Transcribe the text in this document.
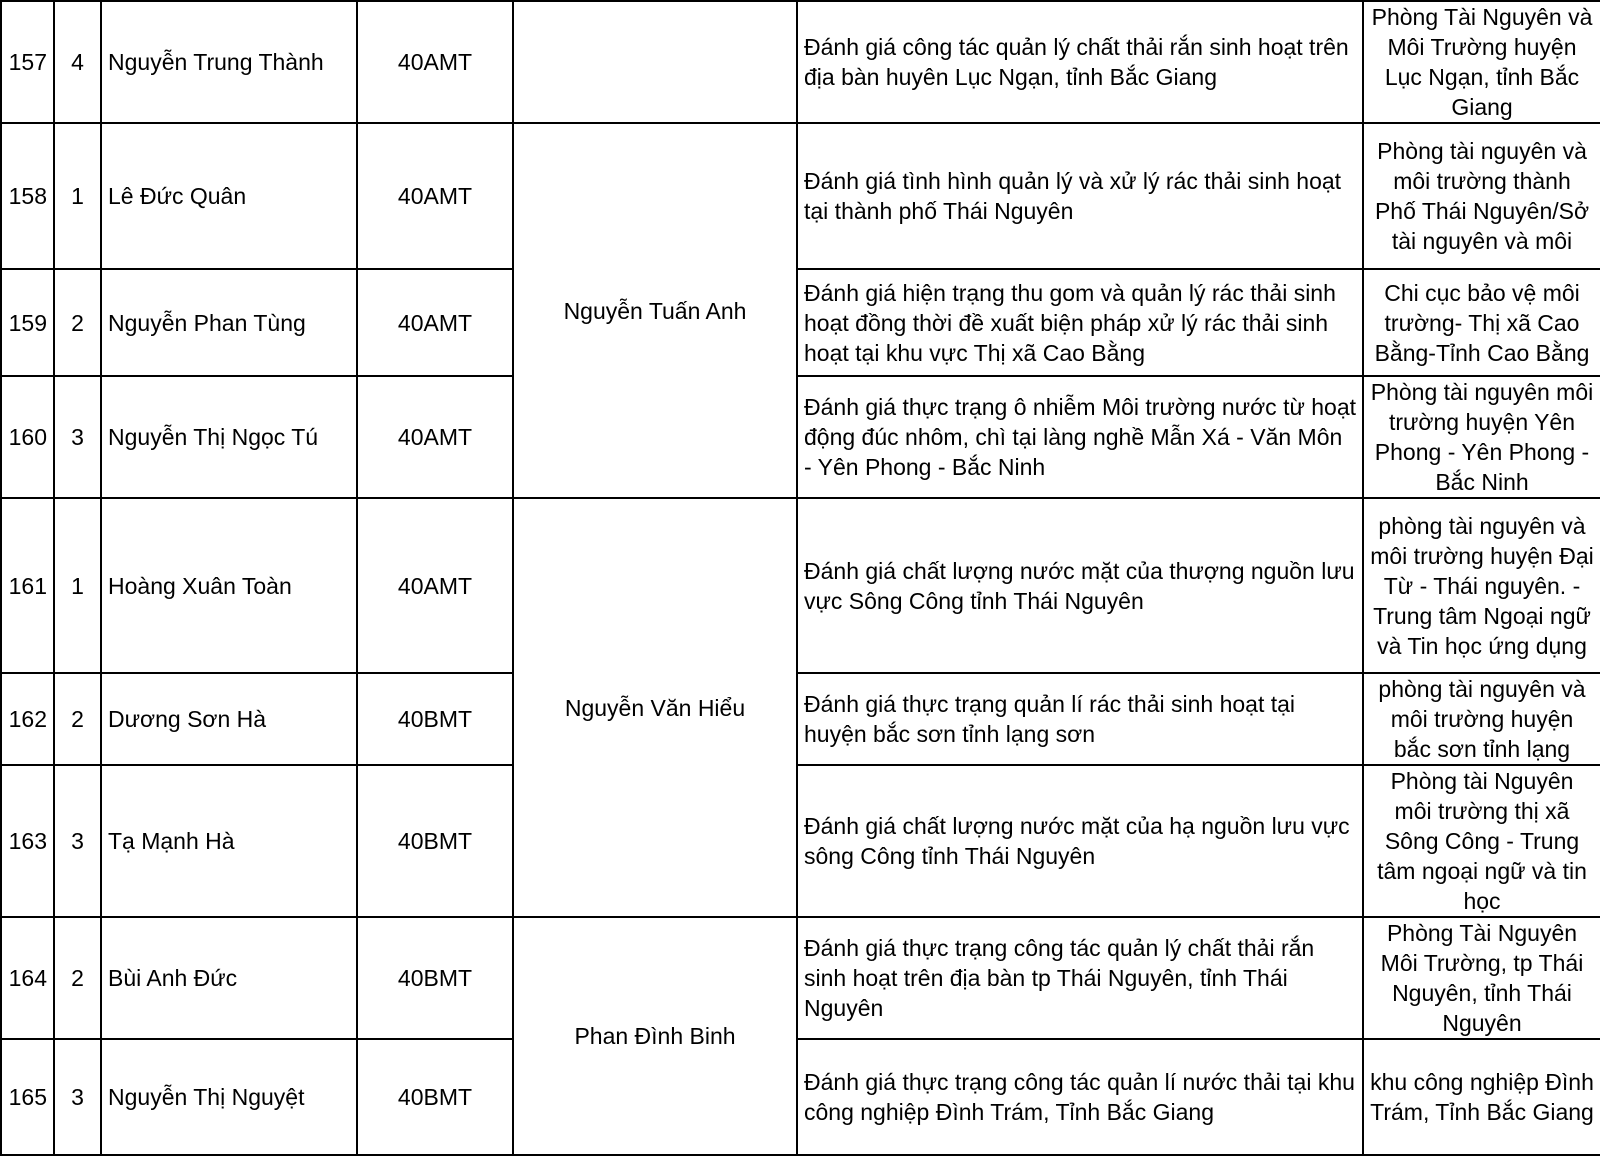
157	4	Nguyễn Trung Thành	40AMT		Đánh giá công tác quản lý chất thải rắn sinh hoạt trên địa bàn huyên Lục Ngạn, tỉnh Bắc Giang	Phòng Tài Nguyên và Môi Trường huyện Lục Ngạn, tỉnh Bắc Giang
158	1	Lê Đức Quân	40AMT	Nguyễn Tuấn Anh	Đánh giá tình hình quản lý và xử lý rác thải sinh hoạt tại thành phố Thái Nguyên	Phòng tài nguyên và môi trường thành Phố Thái Nguyên/Sở tài nguyên và môi
159	2	Nguyễn Phan Tùng	40AMT		Đánh giá hiện trạng thu gom và quản lý rác thải sinh hoạt đồng thời đề xuất biện pháp xử lý rác thải sinh hoạt tại khu vực Thị xã Cao Bằng	Chi cục bảo vệ môi trường- Thị xã Cao Bằng-Tỉnh Cao Bằng
160	3	Nguyễn Thị Ngọc Tú	40AMT		Đánh giá thực trạng ô nhiễm Môi trường nước từ hoạt động đúc nhôm, chì tại làng nghề Mẫn Xá - Văn Môn - Yên Phong - Bắc Ninh	Phòng tài nguyên môi trường huyện Yên Phong - Yên Phong - Bắc Ninh
161	1	Hoàng Xuân Toàn	40AMT	Nguyễn Văn Hiểu	Đánh giá chất lượng nước mặt của thượng nguồn lưu vực Sông Công tỉnh Thái Nguyên	phòng tài nguyên và môi trường huyện Đại Từ - Thái nguyên. - Trung tâm Ngoại ngữ và Tin học ứng dụng
162	2	Dương Sơn Hà	40BMT		Đánh giá thực trạng quản lí rác thải sinh hoạt tại huyện bắc sơn tỉnh lạng sơn	phòng tài nguyên và môi trường huyện bắc sơn tỉnh lạng
163	3	Tạ Mạnh Hà	40BMT		Đánh giá chất lượng nước mặt của hạ nguồn lưu vực sông Công tỉnh Thái Nguyên	Phòng tài Nguyên môi trường thị xã Sông Công - Trung tâm ngoại ngữ và tin học
164	2	Bùi Anh Đức	40BMT	Phan Đình Binh	Đánh giá thực trạng công tác quản lý chất thải rắn sinh hoạt trên địa bàn tp Thái Nguyên, tỉnh Thái Nguyên	Phòng Tài Nguyên Môi Trường, tp Thái Nguyên, tỉnh Thái Nguyên
165	3	Nguyễn Thị Nguyệt	40BMT		Đánh giá thực trạng công tác quản lí nước thải tại khu công nghiệp Đình Trám, Tỉnh Bắc Giang	khu công nghiệp Đình Trám, Tỉnh Bắc Giang
